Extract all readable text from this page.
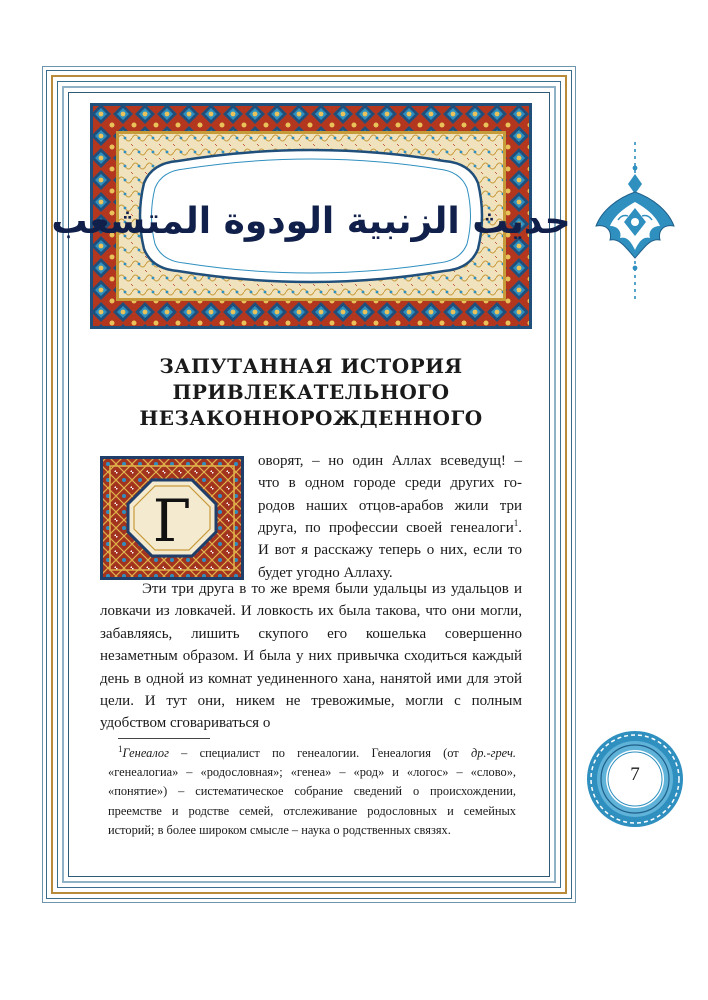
حديث الزنبية الودوة المتشعب
ЗАПУТАННАЯ ИСТОРИЯ
ПРИВЛЕКАТЕЛЬНОГО
НЕЗАКОННОРОЖДЕННОГО
Г

оворят, – но один Аллах всеведущ! –
что в одном городе среди других го-
родов наших отцов-арабов жили три

друга, по профессии своей генеалоги$^1$.
И вот я расскажу теперь о них, если то
будет угодно Аллаху.

Эти три друга в то же время были удальцы из удальцов и ловкачи из ловкачей. И ловкость их была такова, что они могли, забавляясь, лишить скупого его кошелька совершенно незаметным образом. И была у них привычка сходиться каждый день в одной из комнат уединенного хана, нанятой ими для этой цели. И тут они, никем не тревожимые, могли с полным удобством сговариваться о

$^1$Генеалог – специалист по генеалогии. Генеалогия (от др.-греч. «генеалогиа» – «родословная»; «генеа» – «род» и «логос» – «слово», «понятие») – систематическое собрание сведений о происхождении, преемстве и родстве семей, отслеживание родословных и семейных историй; в более широком смысле – наука о родственных связях.

7
